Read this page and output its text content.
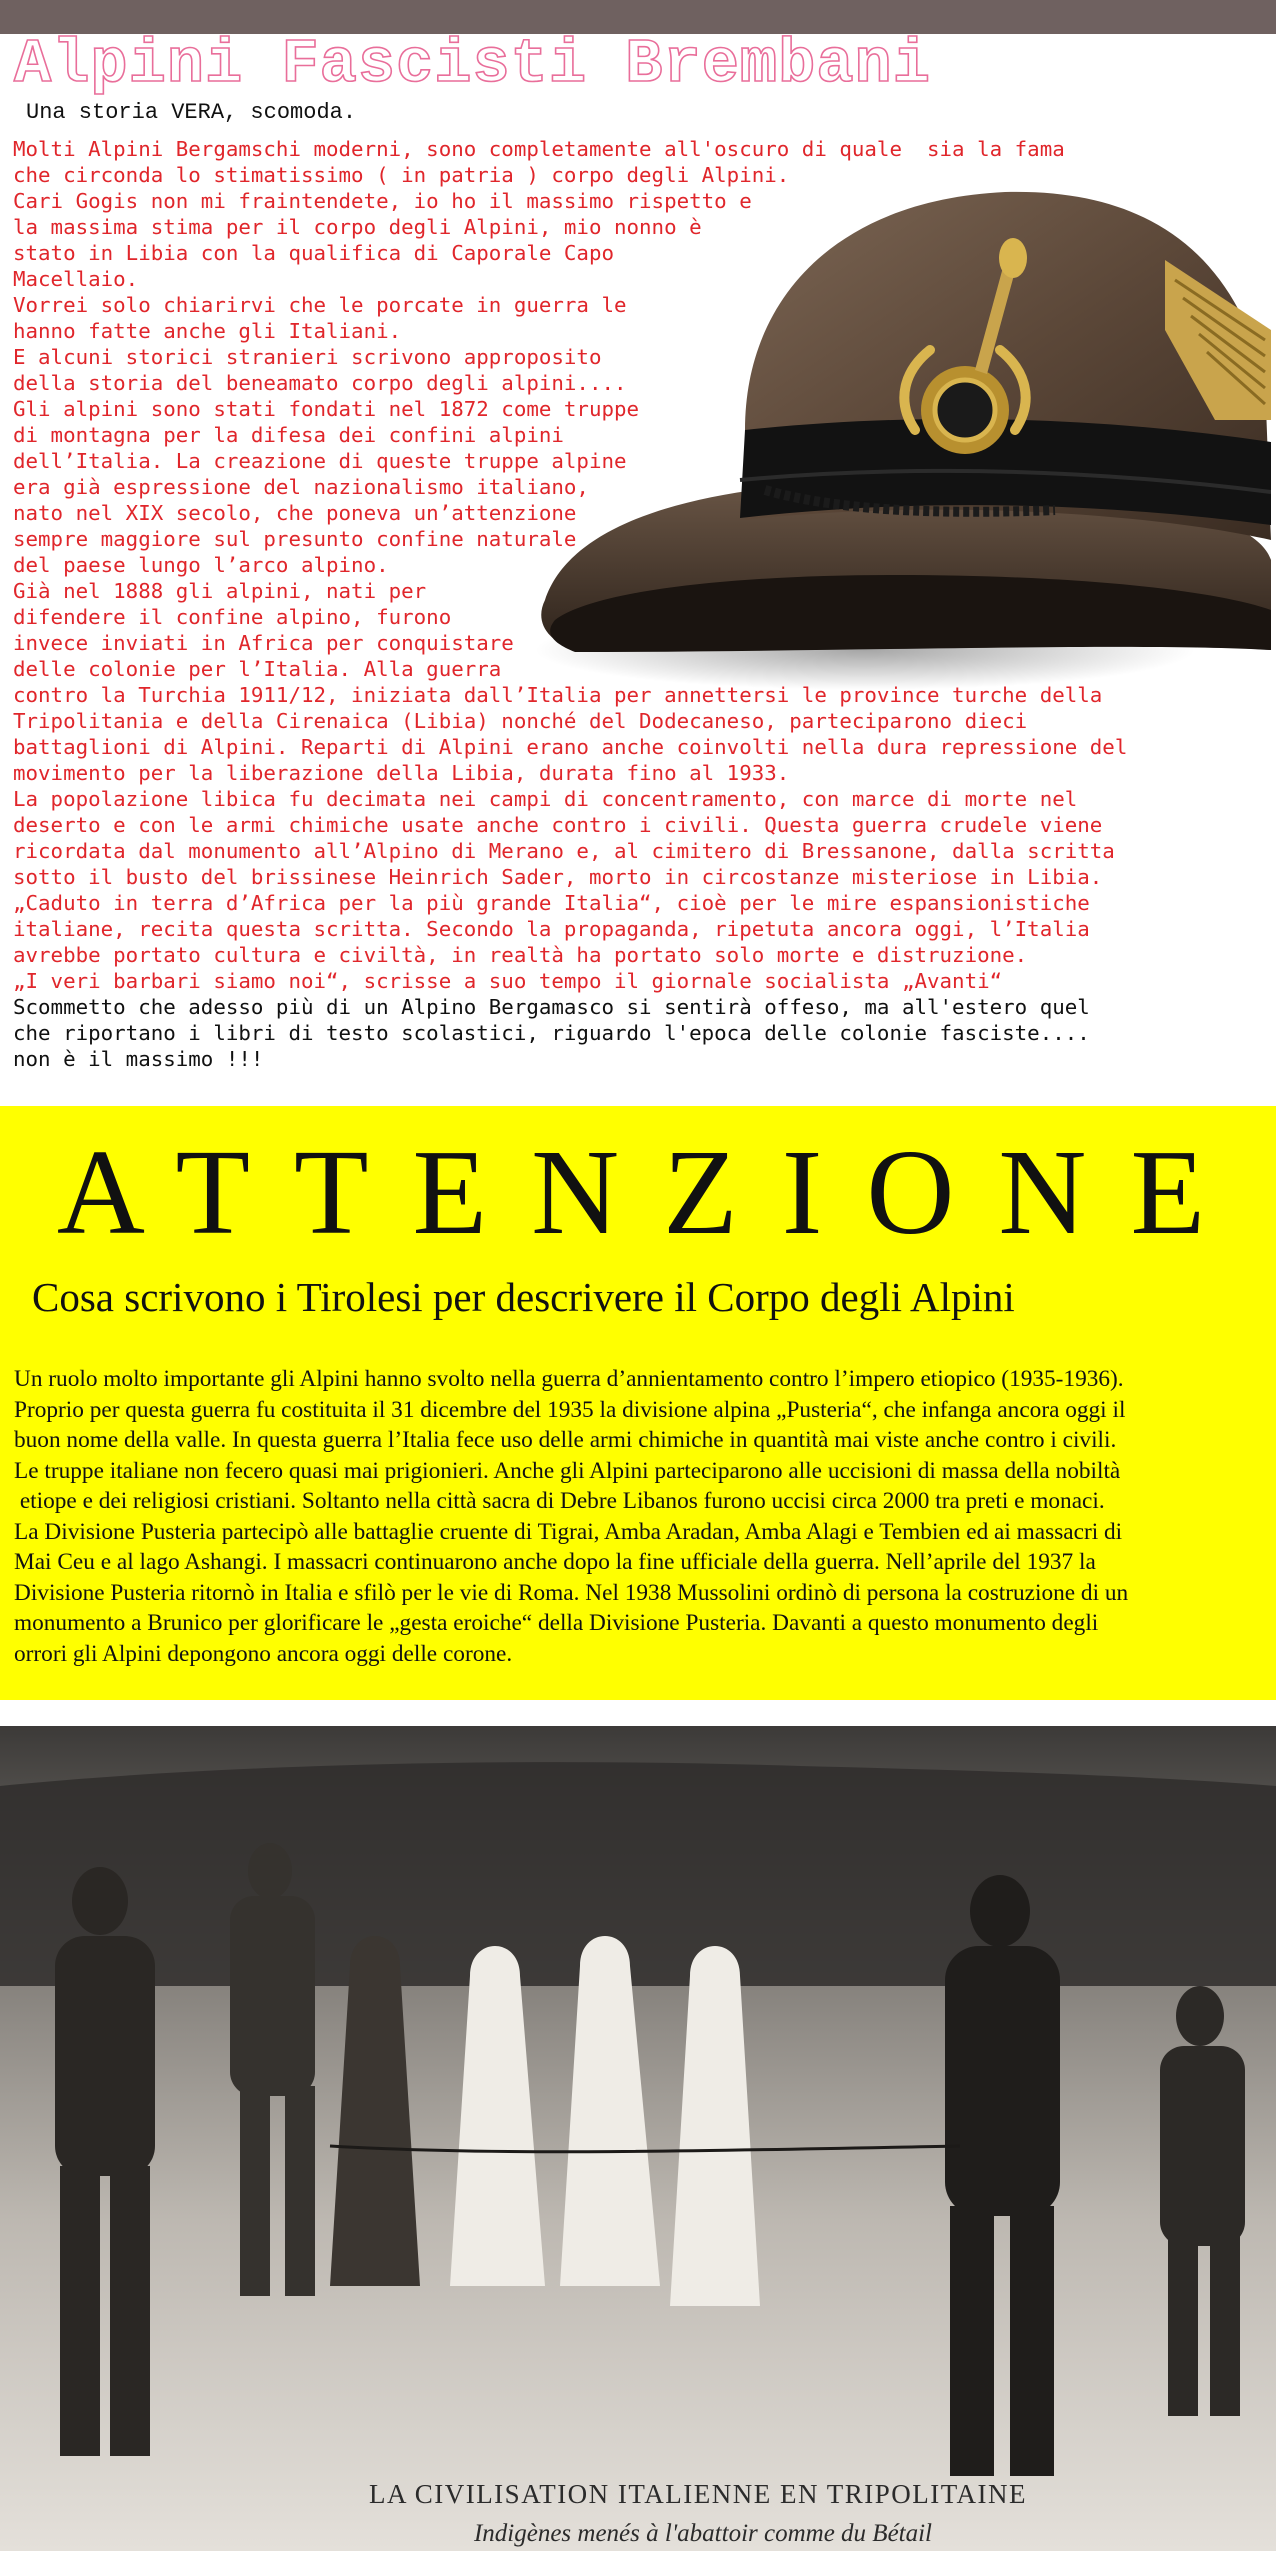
Alpini Fascisti Brembani
Una storia VERA, scomoda.
Molti Alpini Bergamschi moderni, sono completamente all'oscuro di quale  sia la fama
che circonda lo stimatissimo ( in patria ) corpo degli Alpini.
Cari Gogis non mi fraintendete, io ho il massimo rispetto e
la massima stima per il corpo degli Alpini, mio nonno è
stato in Libia con la qualifica di Caporale Capo
Macellaio.
Vorrei solo chiarirvi che le porcate in guerra le
hanno fatte anche gli Italiani.
E alcuni storici stranieri scrivono approposito
della storia del beneamato corpo degli alpini....
Gli alpini sono stati fondati nel 1872 come truppe
di montagna per la difesa dei confini alpini
dell’Italia. La creazione di queste truppe alpine
era già espressione del nazionalismo italiano,
nato nel XIX secolo, che poneva un’attenzione
sempre maggiore sul presunto confine naturale
del paese lungo l’arco alpino.
Già nel 1888 gli alpini, nati per
difendere il confine alpino, furono
invece inviati in Africa per conquistare
delle colonie per l’Italia. Alla guerra
contro la Turchia 1911/12, iniziata dall’Italia per annettersi le province turche della
Tripolitania e della Cirenaica (Libia) nonché del Dodecaneso, parteciparono dieci
battaglioni di Alpini. Reparti di Alpini erano anche coinvolti nella dura repressione del
movimento per la liberazione della Libia, durata fino al 1933.
La popolazione libica fu decimata nei campi di concentramento, con marce di morte nel
deserto e con le armi chimiche usate anche contro i civili. Questa guerra crudele viene
ricordata dal monumento all’Alpino di Merano e, al cimitero di Bressanone, dalla scritta
sotto il busto del brissinese Heinrich Sader, morto in circostanze misteriose in Libia.
„Caduto in terra d’Africa per la più grande Italia“, cioè per le mire espansionistiche
italiane, recita questa scritta. Secondo la propaganda, ripetuta ancora oggi, l’Italia
avrebbe portato cultura e civiltà, in realtà ha portato solo morte e distruzione.
„I veri barbari siamo noi“, scrisse a suo tempo il giornale socialista „Avanti“
Scommetto che adesso più di un Alpino Bergamasco si sentirà offeso, ma all'estero quel
che riportano i libri di testo scolastici, riguardo l'epoca delle colonie fasciste....
non è il massimo !!!
ATTENZIONE
Cosa scrivono i Tirolesi per descrivere il Corpo degli Alpini
Un ruolo molto importante gli Alpini hanno svolto nella guerra d’annientamento contro l’impero etiopico (1935-1936).
Proprio per questa guerra fu costituita il 31 dicembre del 1935 la divisione alpina „Pusteria“, che infanga ancora oggi il
buon nome della valle. In questa guerra l’Italia fece uso delle armi chimiche in quantità mai viste anche contro i civili.
Le truppe italiane non fecero quasi mai prigionieri. Anche gli Alpini parteciparono alle uccisioni di massa della nobiltà
etiope e dei religiosi cristiani. Soltanto nella città sacra di Debre Libanos furono uccisi circa 2000 tra preti e monaci.
La Divisione Pusteria partecipò alle battaglie cruente di Tigrai, Amba Aradan, Amba Alagi e Tembien ed ai massacri di
Mai Ceu e al lago Ashangi. I massacri continuarono anche dopo la fine ufficiale della guerra. Nell’aprile del 1937 la
Divisione Pusteria ritornò in Italia e sfilò per le vie di Roma. Nel 1938 Mussolini ordinò di persona la costruzione di un
monumento a Brunico per glorificare le „gesta eroiche“ della Divisione Pusteria. Davanti a questo monumento degli
orrori gli Alpini depongono ancora oggi delle corone.
LA CIVILISATION ITALIENNE EN TRIPOLITAINE
Indigènes menés à l'abattoir comme du Bétail
